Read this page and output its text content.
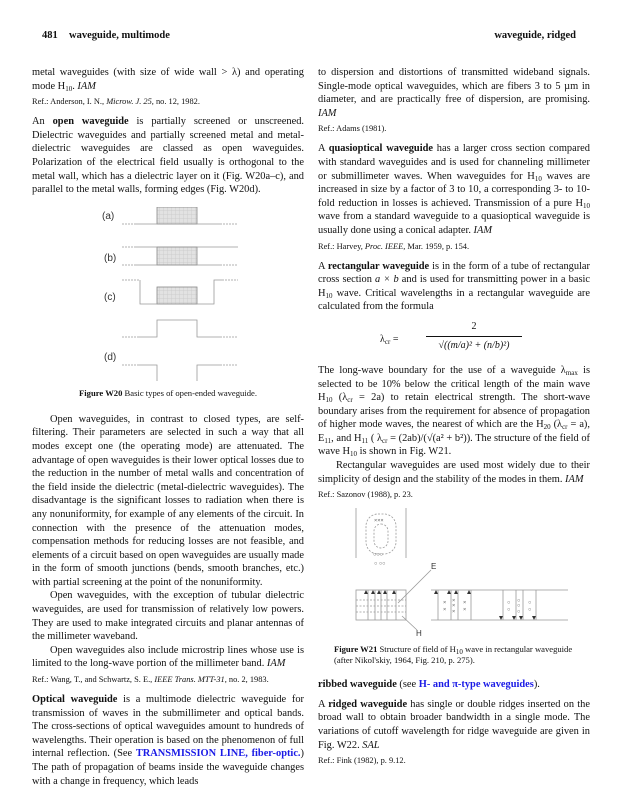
481 waveguide, multimode	waveguide, ridged

metal waveguides (with size of wide wall > λ) and operating mode $H_{10}$. IAM

Ref.: Anderson, I. N., Microw. J. 25, no. 12, 1982.

An open waveguide is partially screened or unscreened. Dielectric waveguides and partially screened metal and metal-dielectric waveguides are classed as open waveguides. Polarization of the electrical field usually is orthogonal to the metal wall, which has a dielectric layer on it (Fig. W20a–c), and parallel to the metal walls, forming edges (Fig. W20d).

(a)
(b)
(c)
(d)
Figure W20 Basic types of open-ended waveguide.

Open waveguides, in contrast to closed types, are self-filtering. Their parameters are selected in such a way that all modes except one (the operating mode) are attenuated. The advantage of open waveguides is their lower optical losses due to the reduction in the number of metal walls and concentration of the field inside the dielectric (metal-dielectric waveguides). The disadvantage is the significant losses to radiation when there is any nonuniformity, for example of any elements of the circuit. In connection with the presence of the attenuation modes, compensation methods for reducing losses are not feasible, and elements of a circuit based on open waveguides are usually made in the form of smooth junctions (bends, smooth branches, etc.) with partial screening at the point of the nonuniformity.

Open waveguides, with the exception of tubular dielectric waveguides, are used for transmission of relatively low powers. They are used to make integrated circuits and planar antennas of the millimeter waveband.

Open waveguides also include microstrip lines whose use is limited to the long-wave portion of the millimeter band. IAM

Ref.: Wang, T., and Schwartz, S. E., IEEE Trans. MTT-31, no. 2, 1983.

Optical waveguide is a multimode dielectric waveguide for transmission of waves in the submillimeter and optical bands. The cross-sections of optical waveguides amount to hundreds of wavelengths. Their operation is based on the phenomenon of full internal reflection. (See TRANSMISSION LINE, fiber-optic.) The path of propagation of beams inside the waveguide changes with a change in frequency, which leads

to dispersion and distortions of transmitted wideband signals. Single-mode optical waveguides, which are fibers 3 to 5 µm in diameter, and are practically free of dispersion, are promising. IAM

Ref.: Adams (1981).

A quasioptical waveguide has a larger cross section compared with standard waveguides and is used for channeling millimeter or submillimeter waves. When waveguides for $H_{10}$ waves are increased in size by a factor of 3 to 10, a corresponding 3- to 10-fold reduction in losses is achieved. Transmission of a pure $H_{10}$ wave from a standard waveguide to a quasioptical waveguide is usually done using a conical adapter. IAM

Ref.: Harvey, Proc. IEEE, Mar. 1959, p. 154.

A rectangular waveguide is in the form of a tube of rectangular cross section a × b and is used for transmitting power in a basic $H_{10}$ wave. Critical wavelengths in a rectangular waveguide are calculated from the formula

$\lambda_{cr}$ =	$\frac{2}{\text{√((m/a)² + (n/b)²)}}$

The long-wave boundary for the use of a waveguide $\lambda_{max}$ is selected to be 10% below the critical length of the main wave $H_{10}$ $(\lambda_{cr} = 2a)$ to retain electrical strength. The short-wave boundary arises from the requirement for absence of propagation of higher mode waves, the nearest of which are the $H_{20}$ $(\lambda_{cr} = a)$, $E_{11}$, and $H_{11}$ ( $\lambda_{cr} = (2ab)/(√(a^2 + b^2))$. The structure of the field of wave $H_{10}$ is shown in Fig. W21.

Rectangular waveguides are used most widely due to their simplicity of design and the stability of the modes in them. IAM

Ref.: Sazonov (1988), p. 23.
×××
○○○
○ ○○
×
×
×
×
×
×
×
○
○
○
○
○
○
○
E
H
Figure W21 Structure of field of $H_{10}$ wave in rectangular waveguide (after Nikol'skiy, 1964, Fig. 210, p. 275).

ribbed waveguide (see H- and π-type waveguides).

A ridged waveguide has single or double ridges inserted on the broad wall to obtain broader bandwidth in a single mode. The variations of cutoff wavelength for ridge waveguide are given in Fig. W22. SAL

Ref.: Fink (1982), p. 9.12.
